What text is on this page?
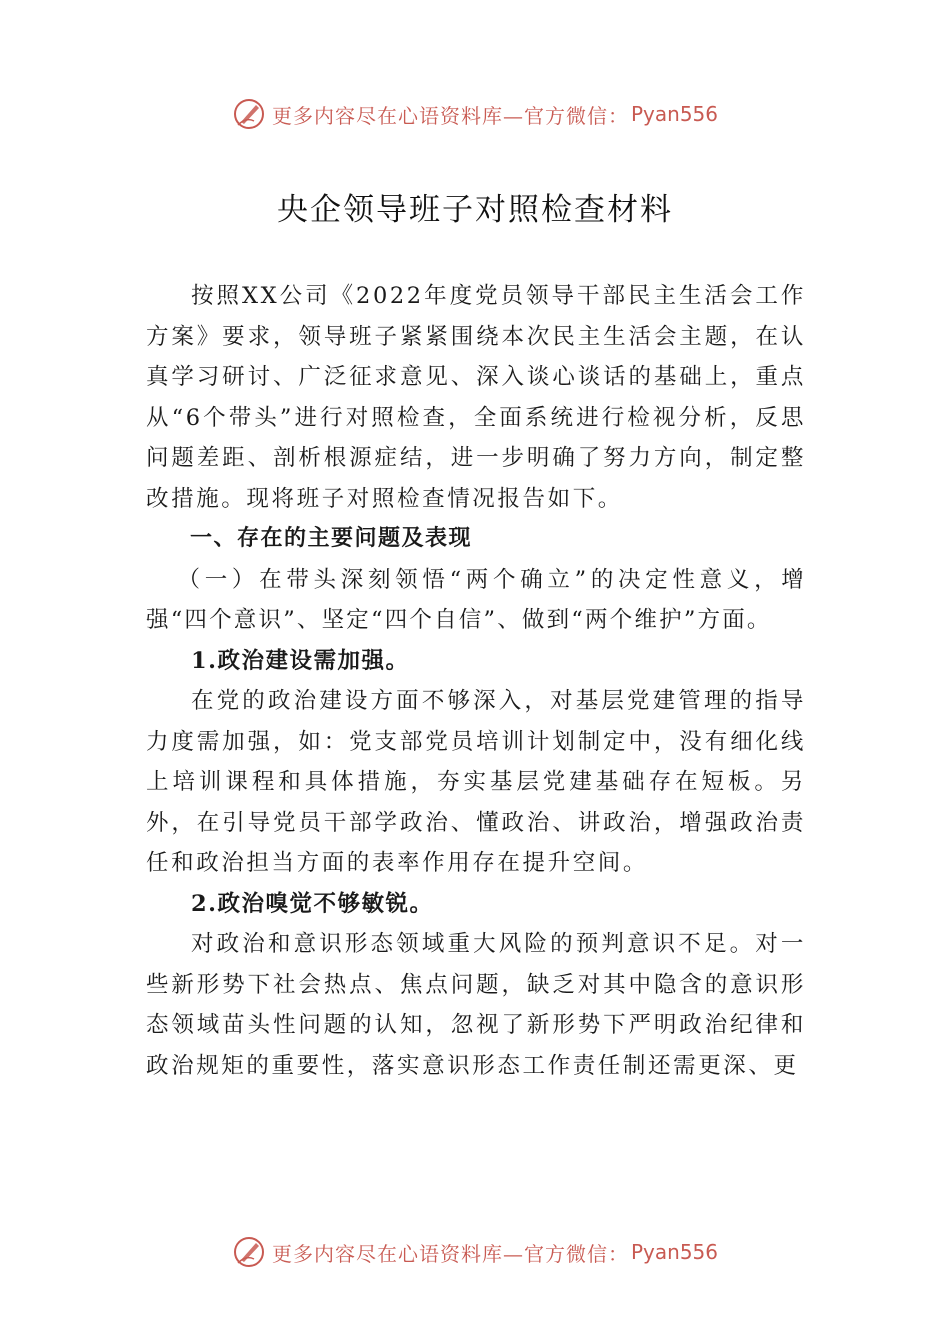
更多内容尽在心语资料库—官方微信： Pyan556
央企领导班子对照检查材料

按照XX公司《2022年度党员领导干部民主生活会工作方案》要求，领导班子紧紧围绕本次民主生活会主题，在认真学习研讨、广泛征求意见、深入谈心谈话的基础上，重点从“6个带头”进行对照检查，全面系统进行检视分析，反思问题差距、剖析根源症结，进一步明确了努力方向，制定整改措施。现将班子对照检查情况报告如下。

一、存在的主要问题及表现

（一）在带头深刻领悟“两个确立”的决定性意义，增强“四个意识”、坚定“四个自信”、做到“两个维护”方面。

1.政治建设需加强。

在党的政治建设方面不够深入，对基层党建管理的指导力度需加强，如：党支部党员培训计划制定中，没有细化线上培训课程和具体措施，夯实基层党建基础存在短板。另外，在引导党员干部学政治、懂政治、讲政治，增强政治责任和政治担当方面的表率作用存在提升空间。

2.政治嗅觉不够敏锐。

对政治和意识形态领域重大风险的预判意识不足。对一些新形势下社会热点、焦点问题，缺乏对其中隐含的意识形态领域苗头性问题的认知，忽视了新形势下严明政治纪律和政治规矩的重要性，落实意识形态工作责任制还需更深、更

更多内容尽在心语资料库—官方微信： Pyan556
